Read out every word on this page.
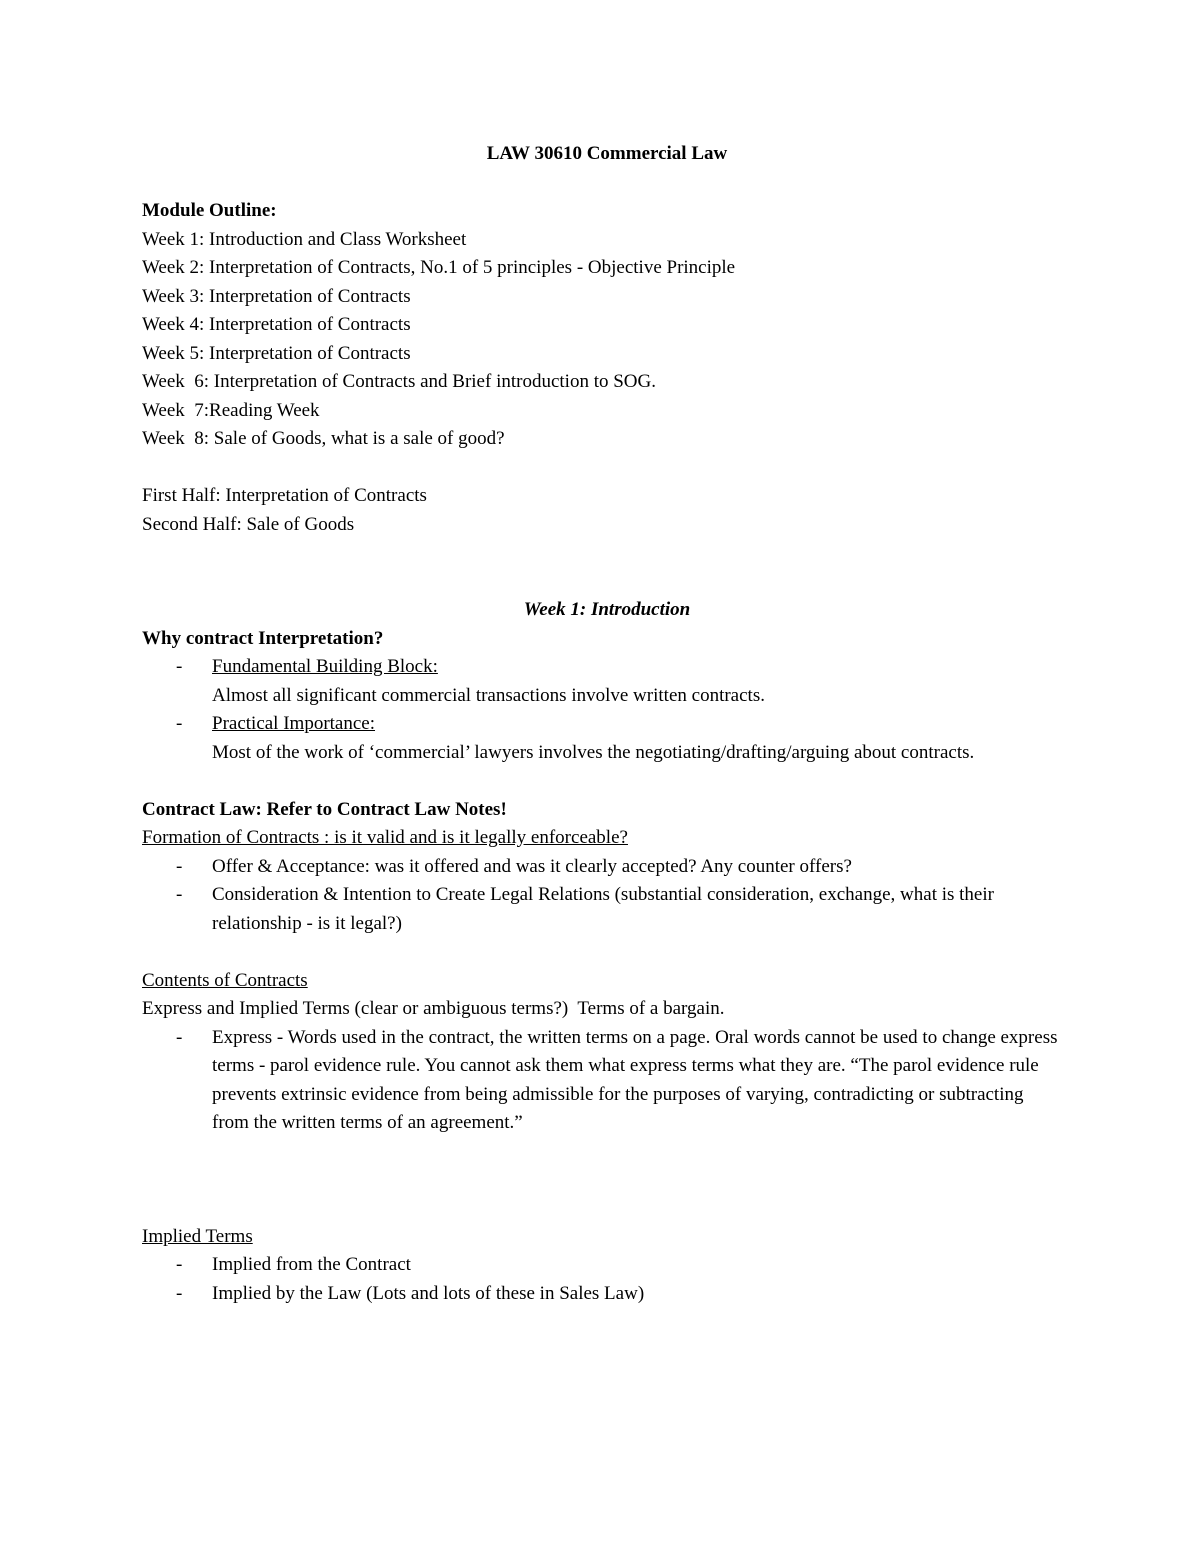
LAW 30610 Commercial Law
Module Outline:
Week 1: Introduction and Class Worksheet
Week 2: Interpretation of Contracts, No.1 of 5 principles - Objective Principle
Week 3: Interpretation of Contracts
Week 4: Interpretation of Contracts
Week 5: Interpretation of Contracts
Week  6: Interpretation of Contracts and Brief introduction to SOG.
Week  7:Reading Week
Week  8: Sale of Goods, what is a sale of good?
First Half: Interpretation of Contracts
Second Half: Sale of Goods
Week 1: Introduction
Why contract Interpretation?
- Fundamental Building Block:
Almost all significant commercial transactions involve written contracts.
- Practical Importance:
Most of the work of ‘commercial’ lawyers involves the negotiating/drafting/arguing about contracts.
Contract Law: Refer to Contract Law Notes!
Formation of Contracts : is it valid and is it legally enforceable?
- Offer & Acceptance: was it offered and was it clearly accepted? Any counter offers?
- Consideration & Intention to Create Legal Relations (substantial consideration, exchange, what is their relationship - is it legal?)
Contents of Contracts
Express and Implied Terms (clear or ambiguous terms?)  Terms of a bargain.
- Express - Words used in the contract, the written terms on a page. Oral words cannot be used to change express terms - parol evidence rule. You cannot ask them what express terms what they are. “The parol evidence rule prevents extrinsic evidence from being admissible for the purposes of varying, contradicting or subtracting from the written terms of an agreement.”
Implied Terms
- Implied from the Contract
- Implied by the Law (Lots and lots of these in Sales Law)
